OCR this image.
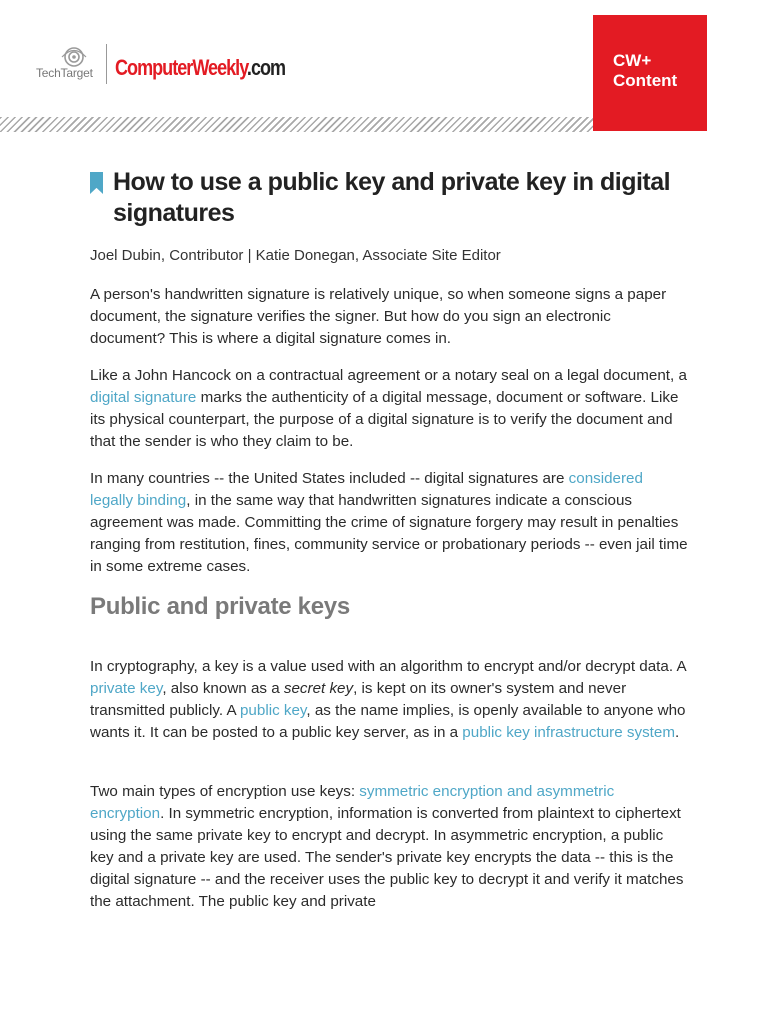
TechTarget ComputerWeekly.com	CW+
Content
How to use a public key and private key in digital signatures

Joel Dubin, Contributor | Katie Donegan, Associate Site Editor

A person's handwritten signature is relatively unique, so when someone signs a paper document, the signature verifies the signer. But how do you sign an electronic document? This is where a digital signature comes in.

Like a John Hancock on a contractual agreement or a notary seal on a legal document, a digital signature marks the authenticity of a digital message, document or software. Like its physical counterpart, the purpose of a digital signature is to verify the document and that the sender is who they claim to be.

In many countries -- the United States included -- digital signatures are considered legally binding, in the same way that handwritten signatures indicate a conscious agreement was made. Committing the crime of signature forgery may result in penalties ranging from restitution, fines, community service or probationary periods -- even jail time in some extreme cases.

Public and private keys

In cryptography, a key is a value used with an algorithm to encrypt and/or decrypt data. A private key, also known as a secret key, is kept on its owner's system and never transmitted publicly. A public key, as the name implies, is openly available to anyone who wants it. It can be posted to a public key server, as in a public key infrastructure system.

Two main types of encryption use keys: symmetric encryption and asymmetric encryption. In symmetric encryption, information is converted from plaintext to ciphertext using the same private key to encrypt and decrypt. In asymmetric encryption, a public key and a private key are used. The sender's private key encrypts the data -- this is the digital signature -- and the receiver uses the public key to decrypt it and verify it matches the attachment. The public key and private
